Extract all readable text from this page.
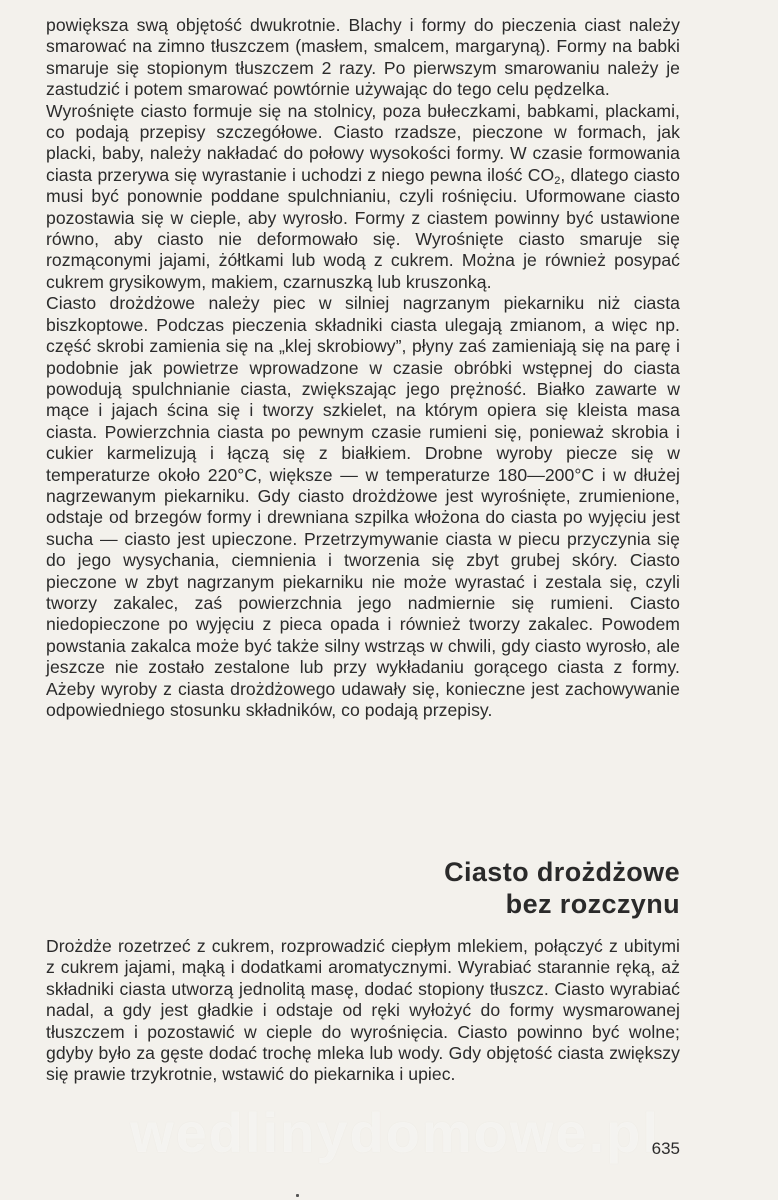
powiększa swą objętość dwukrotnie. Blachy i formy do pieczenia ciast należy smarować na zimno tłuszczem (masłem, smalcem, margaryną). Formy na babki smaruje się stopionym tłuszczem 2 razy. Po pierwszym smarowaniu należy je zastudzić i potem smarować powtórnie używając do tego celu pędzelka.

Wyrośnięte ciasto formuje się na stolnicy, poza bułeczkami, babkami, plackami, co podają przepisy szczegółowe. Ciasto rzadsze, pieczone w formach, jak placki, baby, należy nakładać do połowy wysokości formy. W czasie formowania ciasta przerywa się wyrastanie i uchodzi z niego pewna ilość $CO_2$, dlatego ciasto musi być ponownie poddane spulchnianiu, czyli rośnięciu. Uformowane ciasto pozostawia się w cieple, aby wyrosło. Formy z ciastem powinny być ustawione równo, aby ciasto nie deformowało się. Wyrośnięte ciasto smaruje się rozmąconymi jajami, żółtkami lub wodą z cukrem. Można je również posypać cukrem grysikowym, makiem, czarnuszką lub kruszonką.

Ciasto drożdżowe należy piec w silniej nagrzanym piekarniku niż ciasta biszkoptowe. Podczas pieczenia składniki ciasta ulegają zmianom, a więc np. część skrobi zamienia się na „klej skrobiowy”, płyny zaś zamieniają się na parę i podobnie jak powietrze wprowadzone w czasie obróbki wstępnej do ciasta powodują spulchnianie ciasta, zwiększając jego prężność. Białko zawarte w mące i jajach ścina się i tworzy szkielet, na którym opiera się kleista masa ciasta. Powierzchnia ciasta po pewnym czasie rumieni się, ponieważ skrobia i cukier karmelizują i łączą się z białkiem. Drobne wyroby piecze się w temperaturze około 220°C, większe — w temperaturze 180—200°C i w dłużej nagrzewanym piekarniku. Gdy ciasto drożdżowe jest wyrośnięte, zrumienione, odstaje od brzegów formy i drewniana szpilka włożona do ciasta po wyjęciu jest sucha — ciasto jest upieczone. Przetrzymywanie ciasta w piecu przyczynia się do jego wysychania, ciemnienia i tworzenia się zbyt grubej skóry. Ciasto pieczone w zbyt nagrzanym piekarniku nie może wyrastać i zestala się, czyli tworzy zakalec, zaś powierzchnia jego nadmiernie się rumieni. Ciasto niedopieczone po wyjęciu z pieca opada i również tworzy zakalec. Powodem powstania zakalca może być także silny wstrząs w chwili, gdy ciasto wyrosło, ale jeszcze nie zostało zestalone lub przy wykładaniu gorącego ciasta z formy. Ażeby wyroby z ciasta drożdżowego udawały się, konieczne jest zachowywanie odpowiedniego stosunku składników, co podają przepisy.

Ciasto drożdżowe
bez rozczynu

Drożdże rozetrzeć z cukrem, rozprowadzić ciepłym mlekiem, połączyć z ubitymi z cukrem jajami, mąką i dodatkami aromatycznymi. Wyrabiać starannie ręką, aż składniki ciasta utworzą jednolitą masę, dodać stopiony tłuszcz. Ciasto wyrabiać nadal, a gdy jest gładkie i odstaje od ręki wyłożyć do formy wysmarowanej tłuszczem i pozostawić w cieple do wyrośnięcia. Ciasto powinno być wolne; gdyby było za gęste dodać trochę mleka lub wody. Gdy objętość ciasta zwiększy się prawie trzykrotnie, wstawić do piekarnika i upiec.

wedlinydomowe.pl
635
